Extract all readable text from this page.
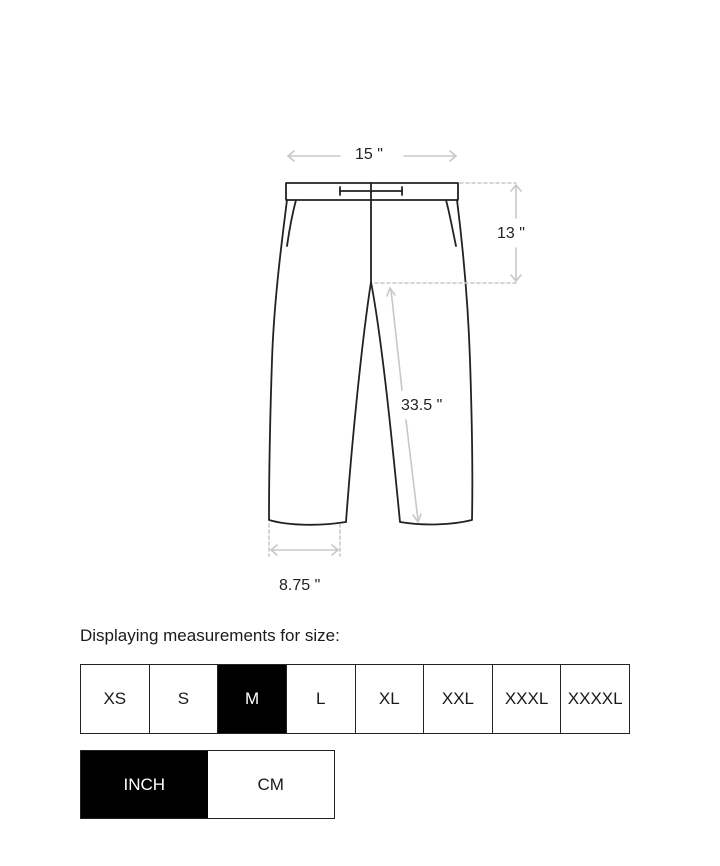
15 "
13 "
33.5 "
8.75 "
Displaying measurements for size:
XS	S	M	L	XL	XXL	XXXL	XXXXL
INCH	CM
